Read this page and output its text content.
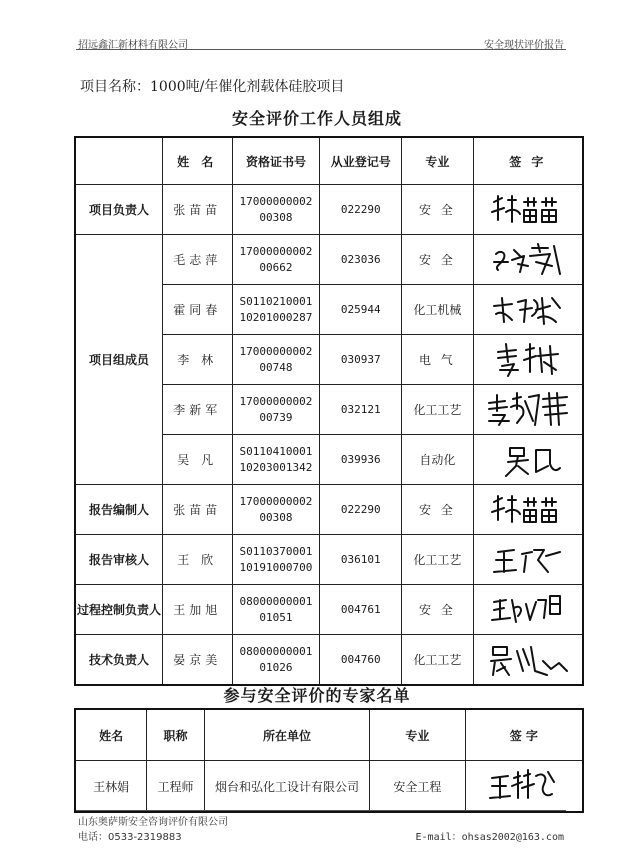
招远鑫汇新材料有限公司	安全现状评价报告
项目名称：1000吨/年催化剂载体硅胶项目
安全评价工作人员组成
	姓 名	资格证书号	从业登记号	专业	签 字
项目负责人	张苗苗	17000000002
00308	022290	安 全	

项目组成员	毛志萍	17000000002
00662	023036	安 全	

	霍同春	S0110210001
10201000287	025944	化工机械	

	李 林	17000000002
00748	030937	电 气	

	李新军	17000000002
00739	032121	化工工艺	

	吴 凡	S0110410001
10203001342	039936	自动化	

报告编制人	张苗苗	17000000002
00308	022290	安 全	

报告审核人	王 欣	S0110370001
10191000700	036101	化工工艺	

过程控制负责人	王加旭	08000000001
01051	004761	安 全	

技术负责人	晏京美	08000000001
01026	004760	化工工艺	
参与安全评价的专家名单
姓名	职称	所在单位	专业	签 字
王林娟	工程师	烟台和弘化工设计有限公司	安全工程	
山东奥萨斯安全咨询评价有限公司
电话：0533-2319883	E-mail：ohsas2002@163.com
